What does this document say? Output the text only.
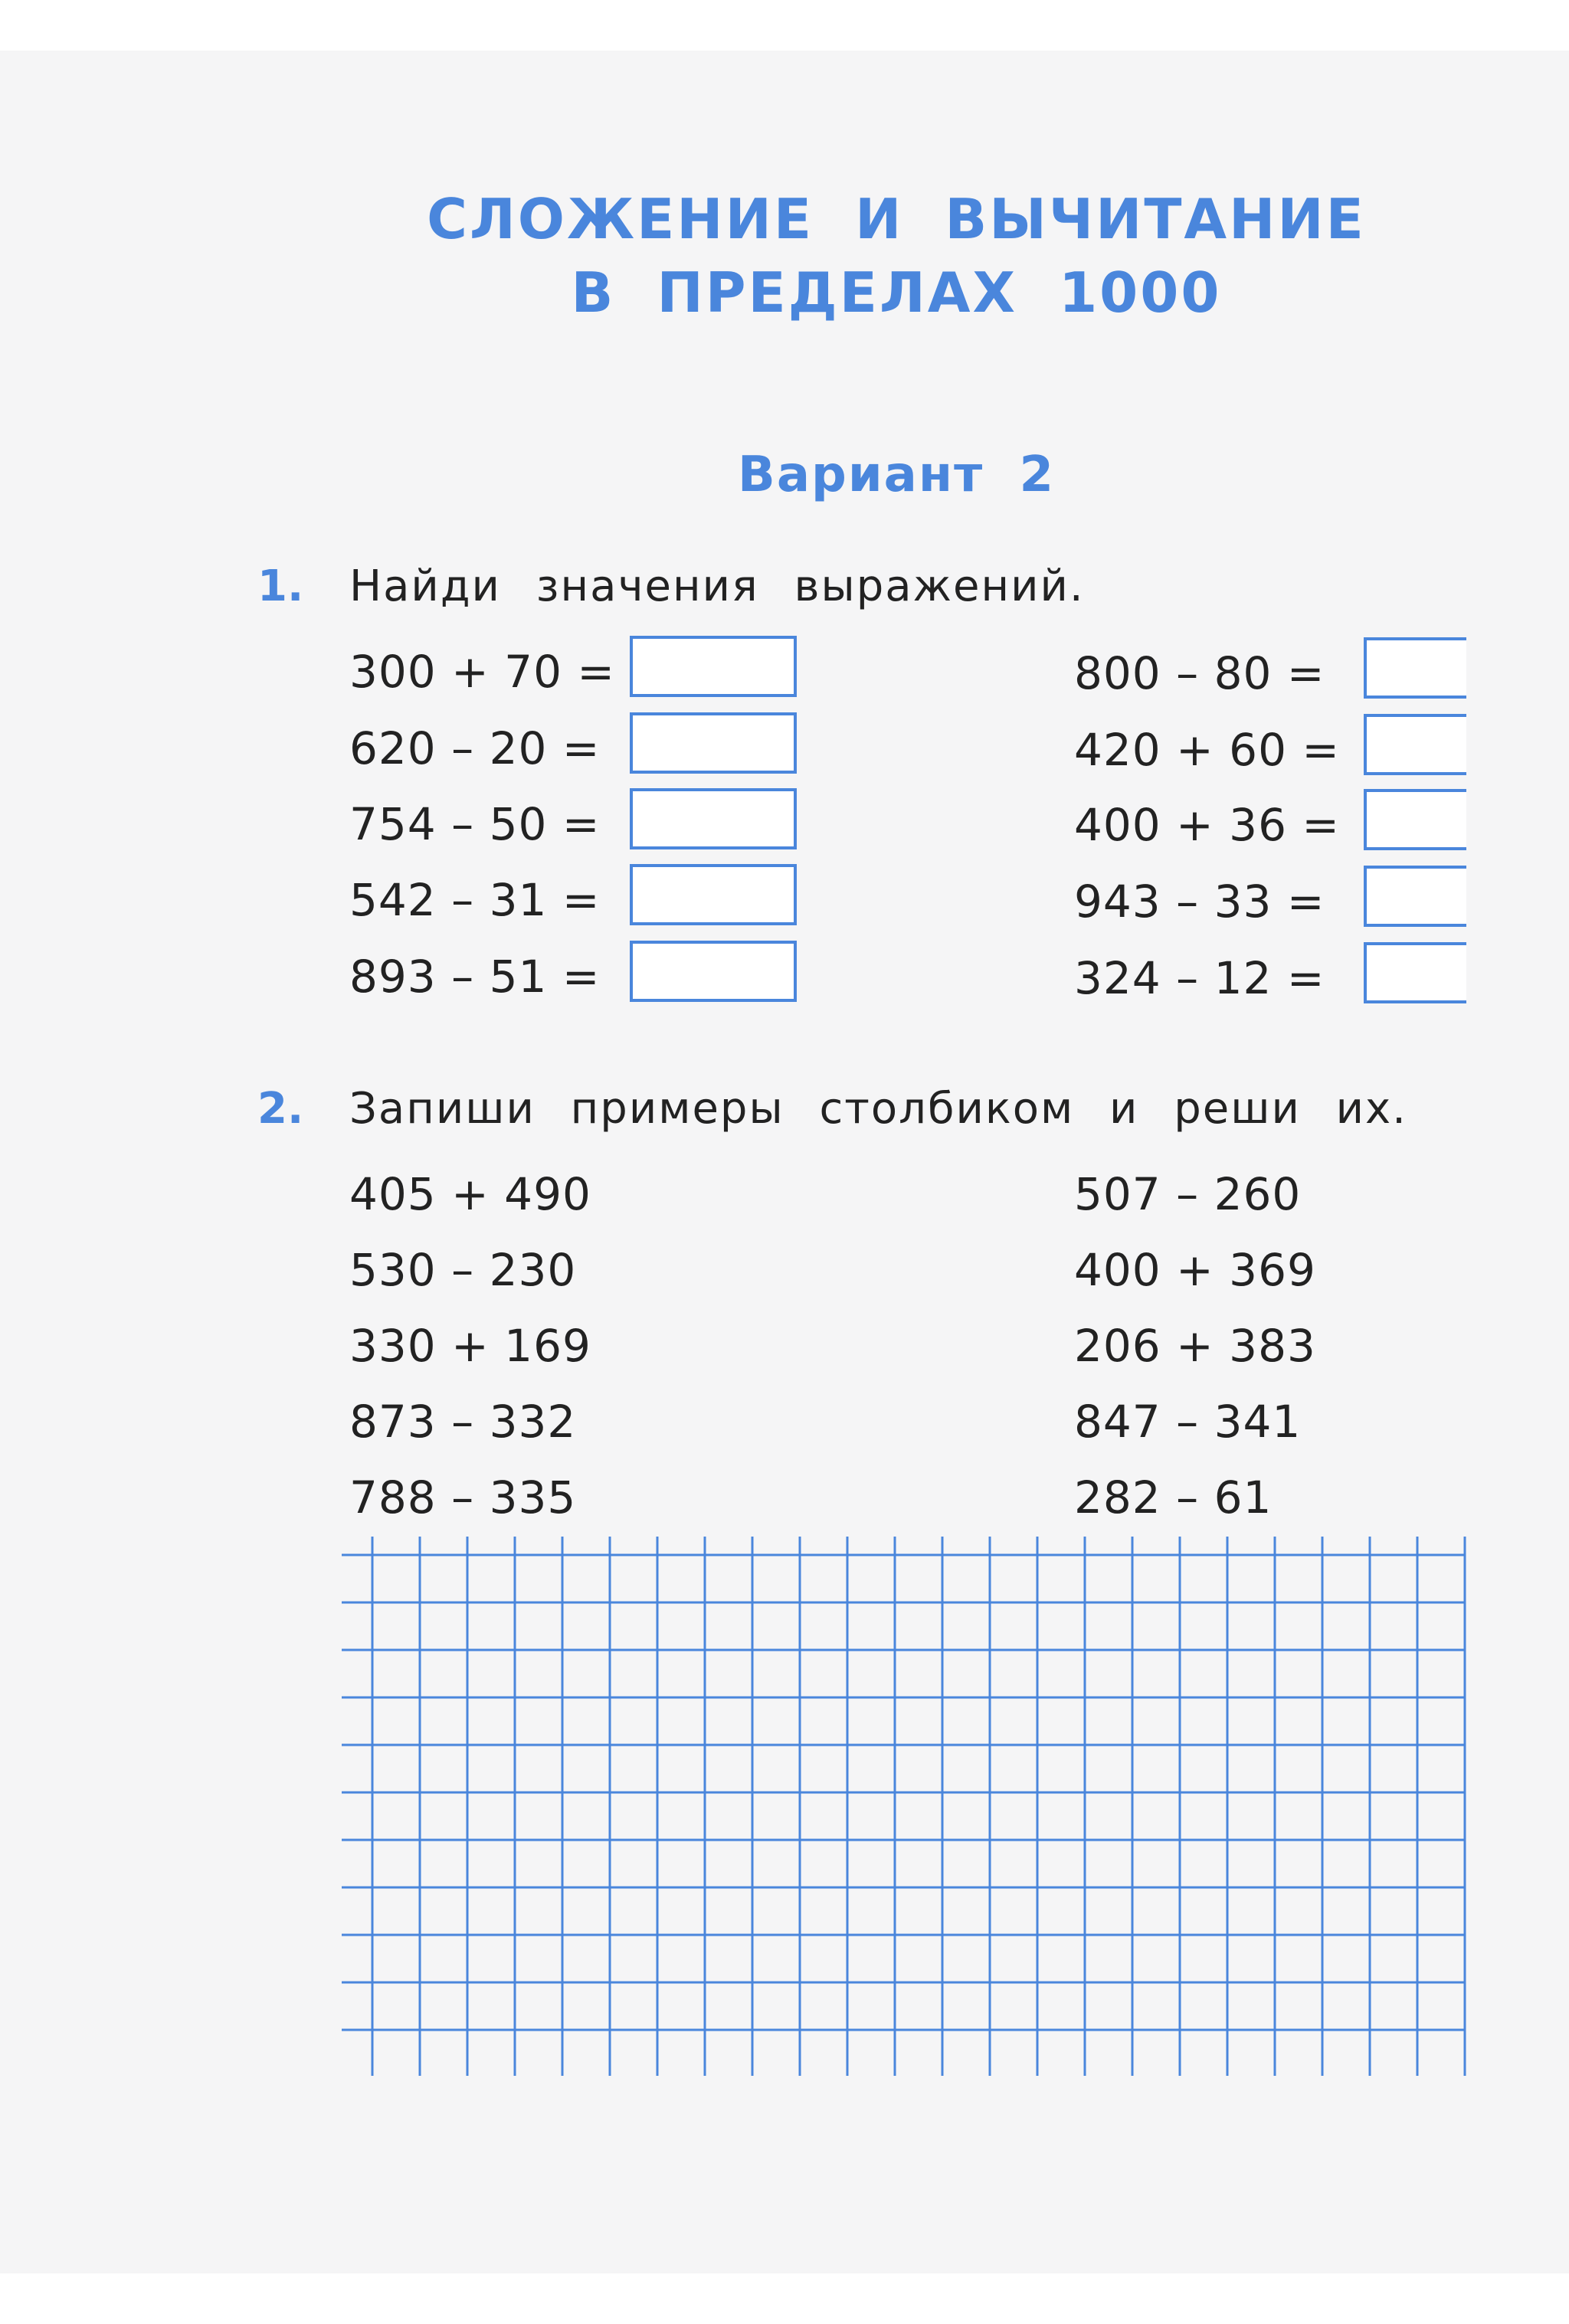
СЛОЖЕНИЕ И ВЫЧИТАНИЕ
В ПРЕДЕЛАХ 1000
Вариант 2
1. Найди значения выражений.
300 + 70 =
620 – 20 =
754 – 50 =
542 – 31 =
893 – 51 =
800 – 80 =
420 + 60 =
400 + 36 =
943 – 33 =
324 – 12 =
2. Запиши примеры столбиком и реши их.
405 + 490
530 – 230
330 + 169
873 – 332
788 – 335
507 – 260
400 + 369
206 + 383
847 – 341
282 – 61
